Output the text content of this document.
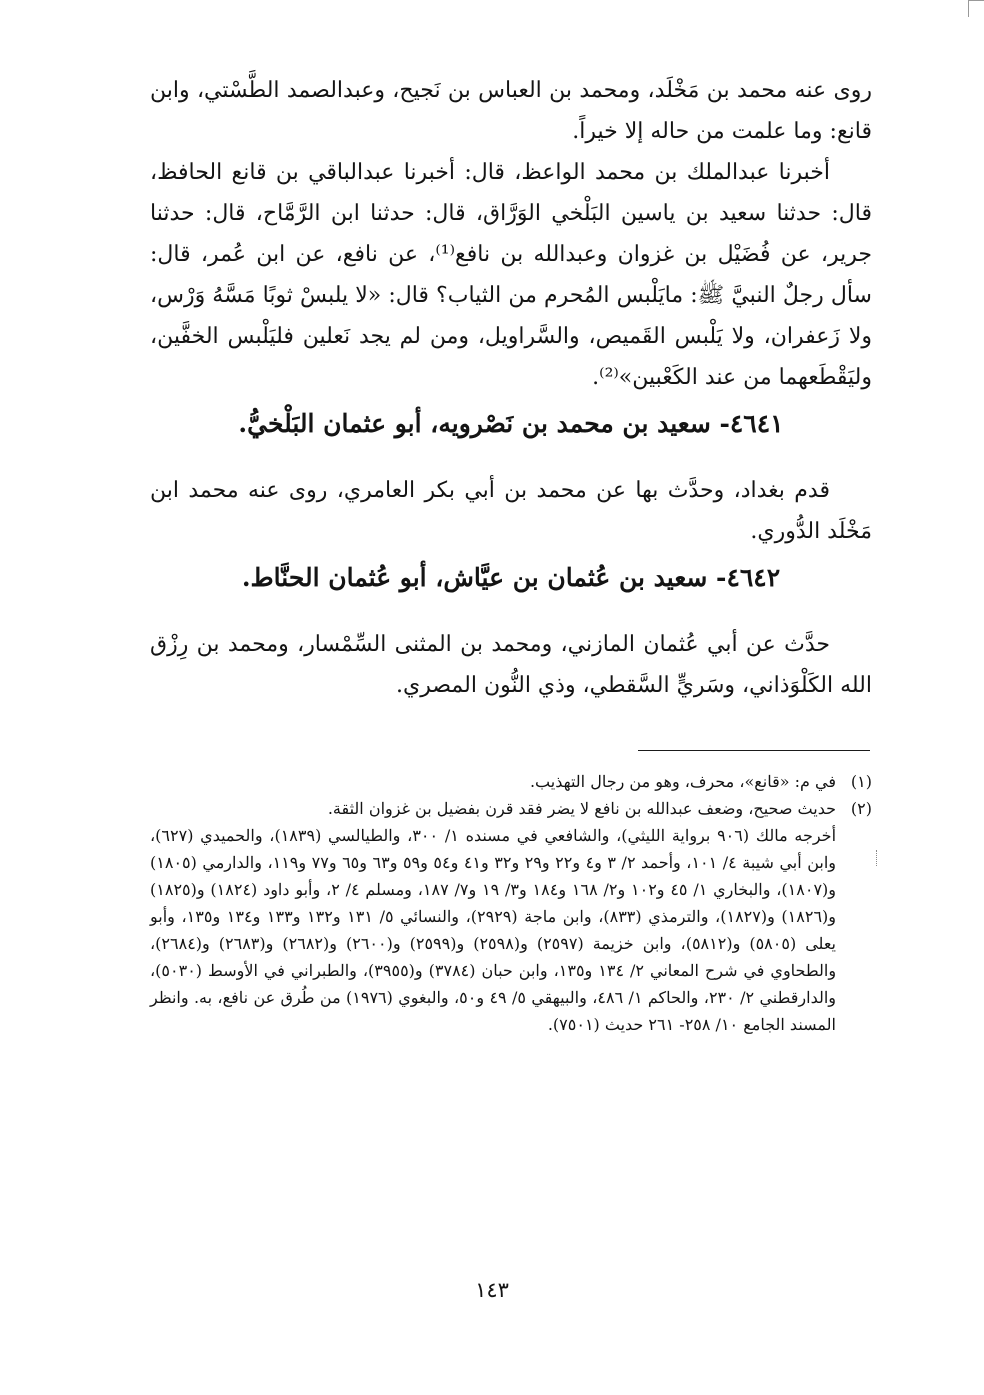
روى عنه محمد بن مَخْلَد، ومحمد بن العباس بن نَجيح، وعبدالصمد الطَّسْتي، وابن قانع: وما علمت من حاله إلا خيراً.

أخبرنا عبدالملك بن محمد الواعظ، قال: أخبرنا عبدالباقي بن قانع الحافظ، قال: حدثنا سعيد بن ياسين البَلْخي الوَرَّاق، قال: حدثنا ابن الرَّمَّاح، قال: حدثنا جرير، عن فُضَيْل بن غزوان وعبدالله بن نافع⁽¹⁾، عن نافع، عن ابن عُمر، قال: سأل رجلٌ النبيَّ ﷺ: مايَلْبس المُحرم من الثياب؟ قال: «لا يلبسْ ثوبًا مَسَّهُ وَرْس، ولا زَعفران، ولا يَلْبس القَميص، والسَّراويل، ومن لم يجد نَعلين فليَلْبس الخفَّين، وليَقْطَعهما من عند الكَعْبين»⁽²⁾.

٤٦٤١- سعيد بن محمد بن نَصْرويه، أبو عثمان البَلْخيُّ.

قدم بغداد، وحدَّث بها عن محمد بن أبي بكر العامري، روى عنه محمد ابن مَخْلَد الدُّوري.

٤٦٤٢- سعيد بن عُثمان بن عيَّاش، أبو عُثمان الحنَّاط.

حدَّث عن أبي عُثمان المازني، ومحمد بن المثنى السِّمْسار، ومحمد بن رِزْق الله الكَلْوَذاني، وسَريٍّ السَّقطي، وذي النُّون المصري.

(١)
في م: «قانع»، محرف، وهو من رجال التهذيب.
(٢)
حديث صحيح، وضعف عبدالله بن نافع لا يضر فقد قرن بفضيل بن غزوان الثقة.
أخرجه مالك (٩٠٦ برواية الليثي)، والشافعي في مسنده ١/ ٣٠٠، والطيالسي (١٨٣٩)، والحميدي (٦٢٧)، وابن أبي شيبة ٤/ ١٠١، وأحمد ٢/ ٣ و٤ و٢٢ و٢٩ و٣٢ و٤١ و٥٤ و٥٩ و٦٣ و٦٥ و٧٧ و١١٩، والدارمي (١٨٠٥) و(١٨٠٧)، والبخاري ١/ ٤٥ و١٠٢ و٢/ ١٦٨ و١٨٤ و٣/ ١٩ و٧/ ١٨٧، ومسلم ٤/ ٢، وأبو داود (١٨٢٤) و(١٨٢٥) و(١٨٢٦) و(١٨٢٧)، والترمذي (٨٣٣)، وابن ماجة (٢٩٢٩)، والنسائي ٥/ ١٣١ و١٣٢ و١٣٣ و١٣٤ و١٣٥، وأبو يعلى (٥٨٠٥) و(٥٨١٢)، وابن خزيمة (٢٥٩٧) و(٢٥٩٨) و(٢٥٩٩) و(٢٦٠٠) و(٢٦٨٢) و(٢٦٨٣) و(٢٦٨٤)، والطحاوي في شرح المعاني ٢/ ١٣٤ و١٣٥، وابن حبان (٣٧٨٤) و(٣٩٥٥)، والطبراني في الأوسط (٥٠٣٠)، والدارقطني ٢/ ٢٣٠، والحاكم ١/ ٤٨٦، والبيهقي ٥/ ٤٩ و٥٠، والبغوي (١٩٧٦) من طُرق عن نافع، به. وانظر المسند الجامع ١٠/ ٢٥٨- ٢٦١ حديث (٧٥٠١).
١٤٣
